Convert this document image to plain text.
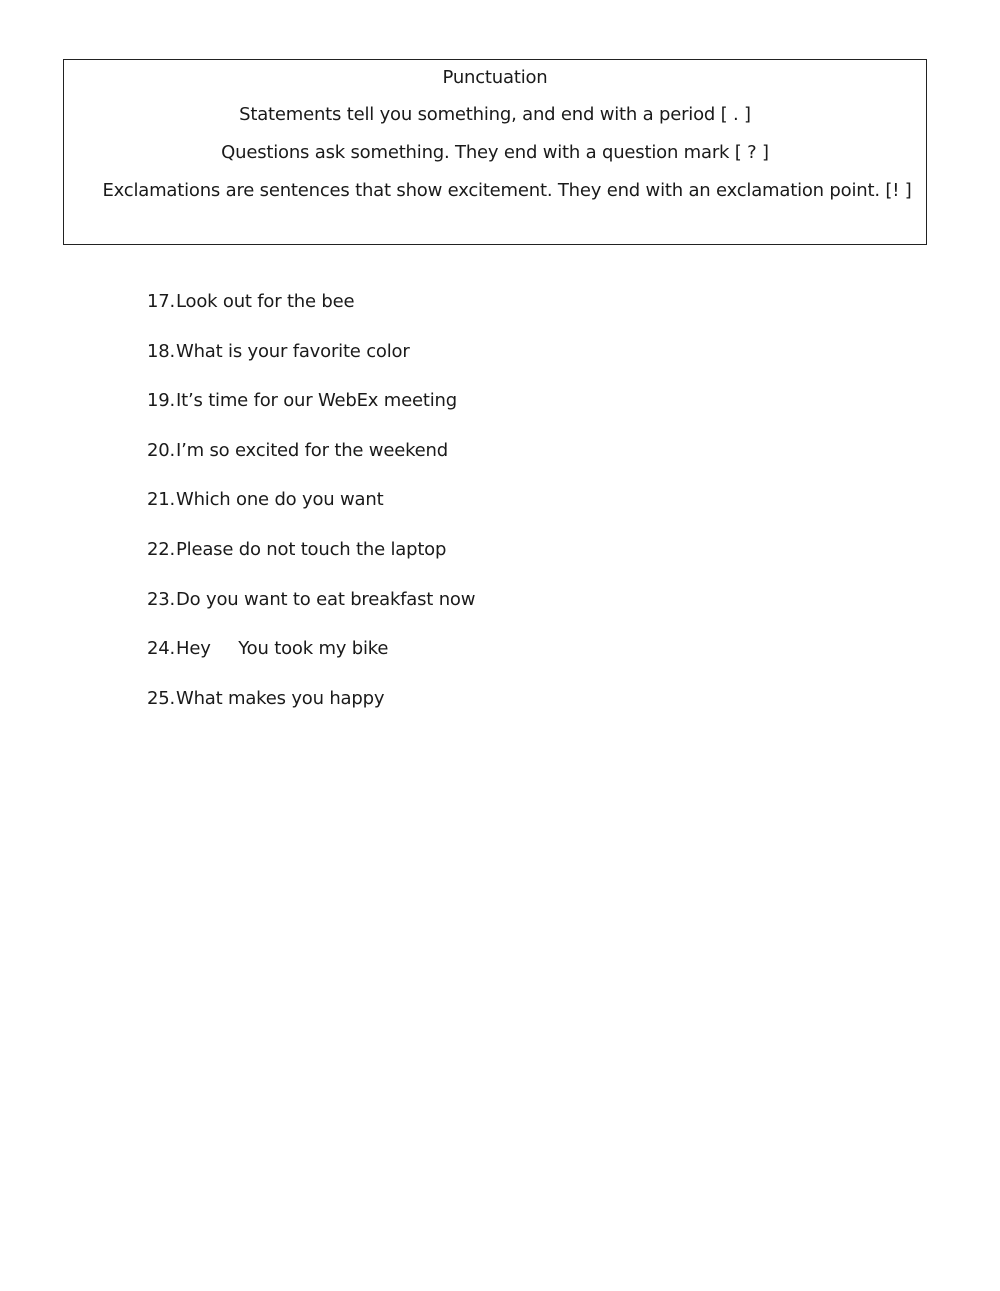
Punctuation
Statements tell you something, and end with a period [ . ]
Questions ask something. They end with a question mark [ ? ]
Exclamations are sentences that show excitement. They end with an exclamation point. [! ]
17. Look out for the bee
18. What is your favorite color
19. It’s time for our WebEx meeting
20. I’m so excited for the weekend
21. Which one do you want
22. Please do not touch the laptop
23. Do you want to eat breakfast now
24. Hey     You took my bike
25. What makes you happy
